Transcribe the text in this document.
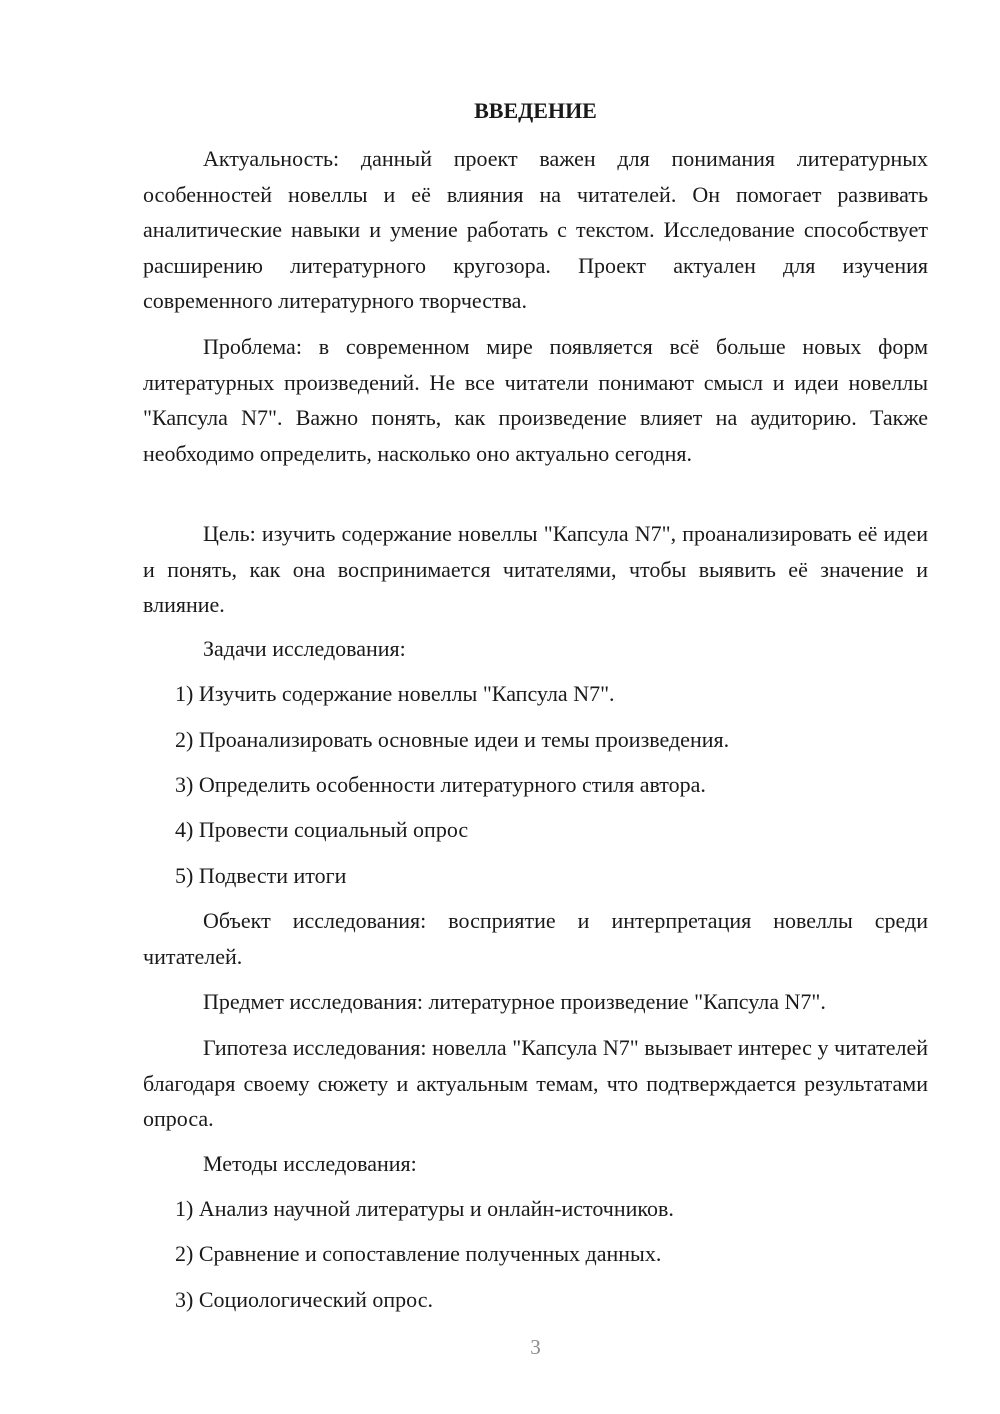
ВВЕДЕНИЕ

Актуальность: данный проект важен для понимания литературных особенностей новеллы и её влияния на читателей. Он помогает развивать аналитические навыки и умение работать с текстом. Исследование способствует расширению литературного кругозора. Проект актуален для изучения современного литературного творчества.

Проблема: в современном мире появляется всё больше новых форм литературных произведений. Не все читатели понимают смысл и идеи новеллы "Капсула N7". Важно понять, как произведение влияет на аудиторию. Также необходимо определить, насколько оно актуально сегодня.

Цель: изучить содержание новеллы "Капсула N7", проанализировать её идеи и понять, как она воспринимается читателями, чтобы выявить её значение и влияние.

Задачи исследования:

1) Изучить содержание новеллы "Капсула N7".

2) Проанализировать основные идеи и темы произведения.

3) Определить особенности литературного стиля автора.

4) Провести социальный опрос

5) Подвести итоги

Объект исследования: восприятие и интерпретация новеллы среди читателей.

Предмет исследования: литературное произведение "Капсула N7".

Гипотеза исследования: новелла "Капсула N7" вызывает интерес у читателей благодаря своему сюжету и актуальным темам, что подтверждается результатами опроса.

Методы исследования:

1) Анализ научной литературы и онлайн-источников.

2) Сравнение и сопоставление полученных данных.

3) Социологический опрос.

3
